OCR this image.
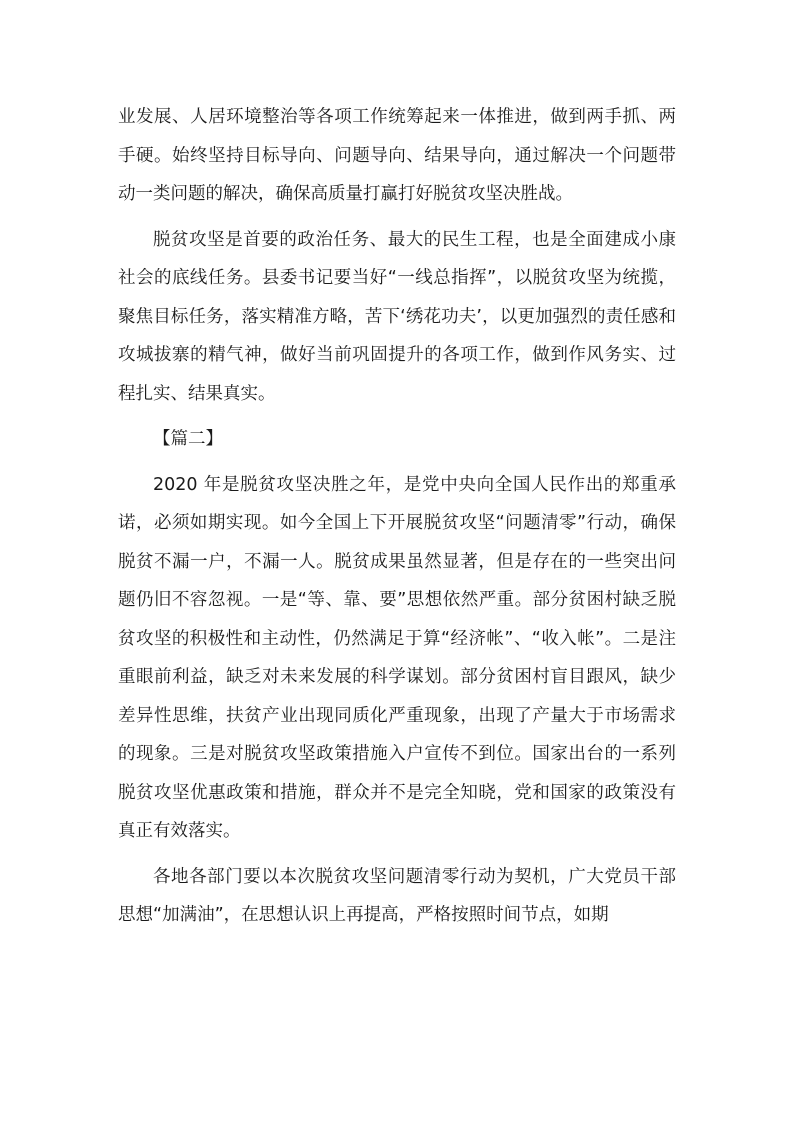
业发展、人居环境整治等各项工作统筹起来一体推进，做到两手抓、两手硬。始终坚持目标导向、问题导向、结果导向，通过解决一个问题带动一类问题的解决，确保高质量打赢打好脱贫攻坚决胜战。

脱贫攻坚是首要的政治任务、最大的民生工程，也是全面建成小康社会的底线任务。县委书记要当好“一线总指挥”，以脱贫攻坚为统揽，聚焦目标任务，落实精准方略，苦下‘绣花功夫’，以更加强烈的责任感和攻城拔寨的精气神，做好当前巩固提升的各项工作，做到作风务实、过程扎实、结果真实。

【篇二】

2020 年是脱贫攻坚决胜之年，是党中央向全国人民作出的郑重承诺，必须如期实现。如今全国上下开展脱贫攻坚“问题清零”行动，确保脱贫不漏一户，不漏一人。脱贫成果虽然显著，但是存在的一些突出问题仍旧不容忽视。一是“等、靠、要”思想依然严重。部分贫困村缺乏脱贫攻坚的积极性和主动性，仍然满足于算“经济帐”、“收入帐”。二是注重眼前利益，缺乏对未来发展的科学谋划。部分贫困村盲目跟风，缺少差异性思维，扶贫产业出现同质化严重现象，出现了产量大于市场需求的现象。三是对脱贫攻坚政策措施入户宣传不到位。国家出台的一系列脱贫攻坚优惠政策和措施，群众并不是完全知晓，党和国家的政策没有真正有效落实。

各地各部门要以本次脱贫攻坚问题清零行动为契机，广大党员干部思想“加满油”，在思想认识上再提高，严格按照时间节点，如期
